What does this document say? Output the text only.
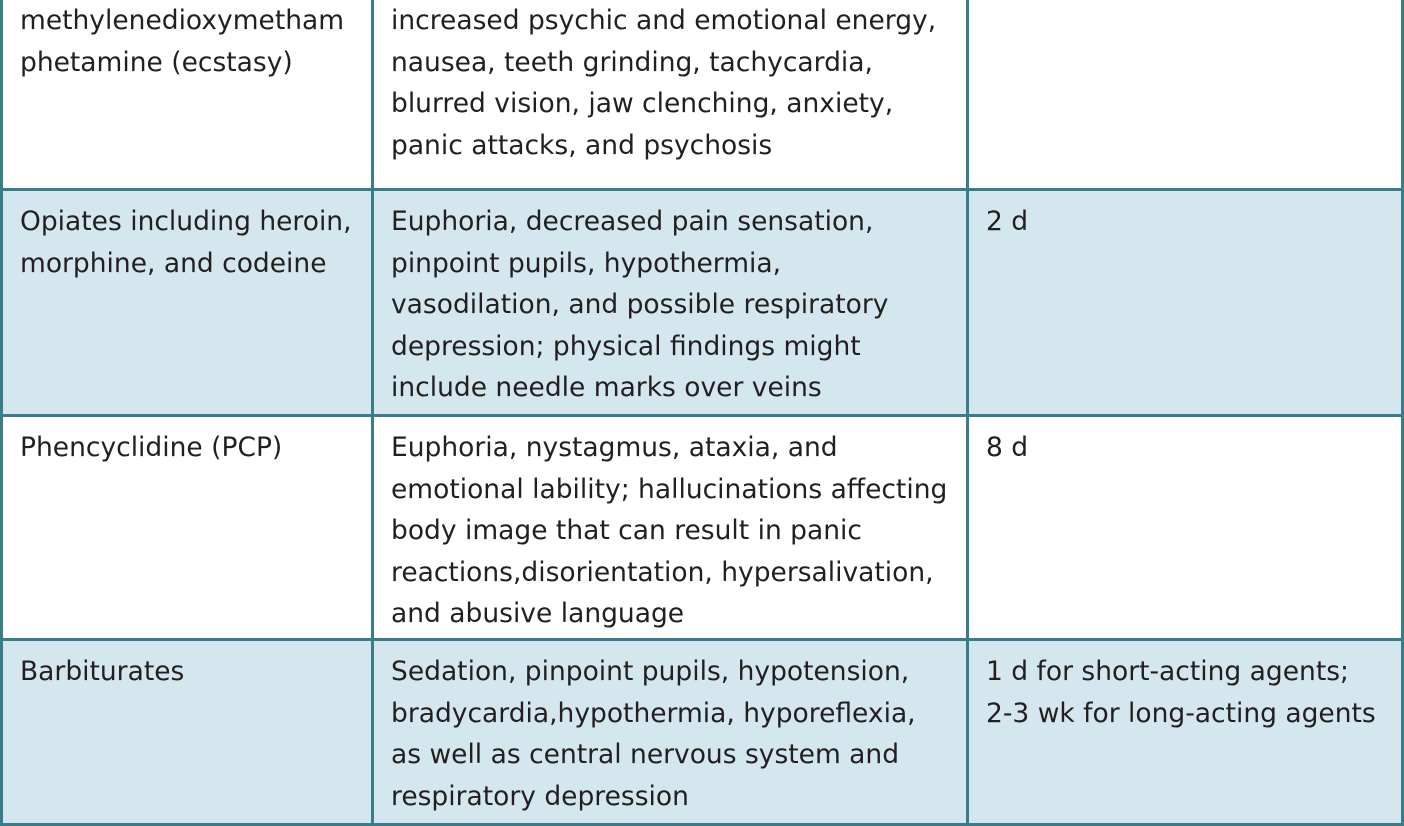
methylenedioxymetham
phetamine (ecstasy)
increased psychic and emotional energy, nausea, teeth grinding, tachycardia, blurred vision, jaw clenching, anxiety, panic attacks, and psychosis
Opiates including heroin, morphine, and codeine
Euphoria, decreased pain sensation, pinpoint pupils, hypothermia, vasodilation, and possible respiratory depression; physical findings might include needle marks over veins
2 d
Phencyclidine (PCP)	Euphoria, nystagmus, ataxia, and emotional lability; hallucinations affecting body image that can result in panic reactions,disorientation, hypersalivation, and abusive language
8 d
Barbiturates	Sedation, pinpoint pupils, hypotension, bradycardia,hypothermia, hyporeflexia, as well as central nervous system and respiratory depression
1 d for short-acting agents;
2-3 wk for long-acting agents
